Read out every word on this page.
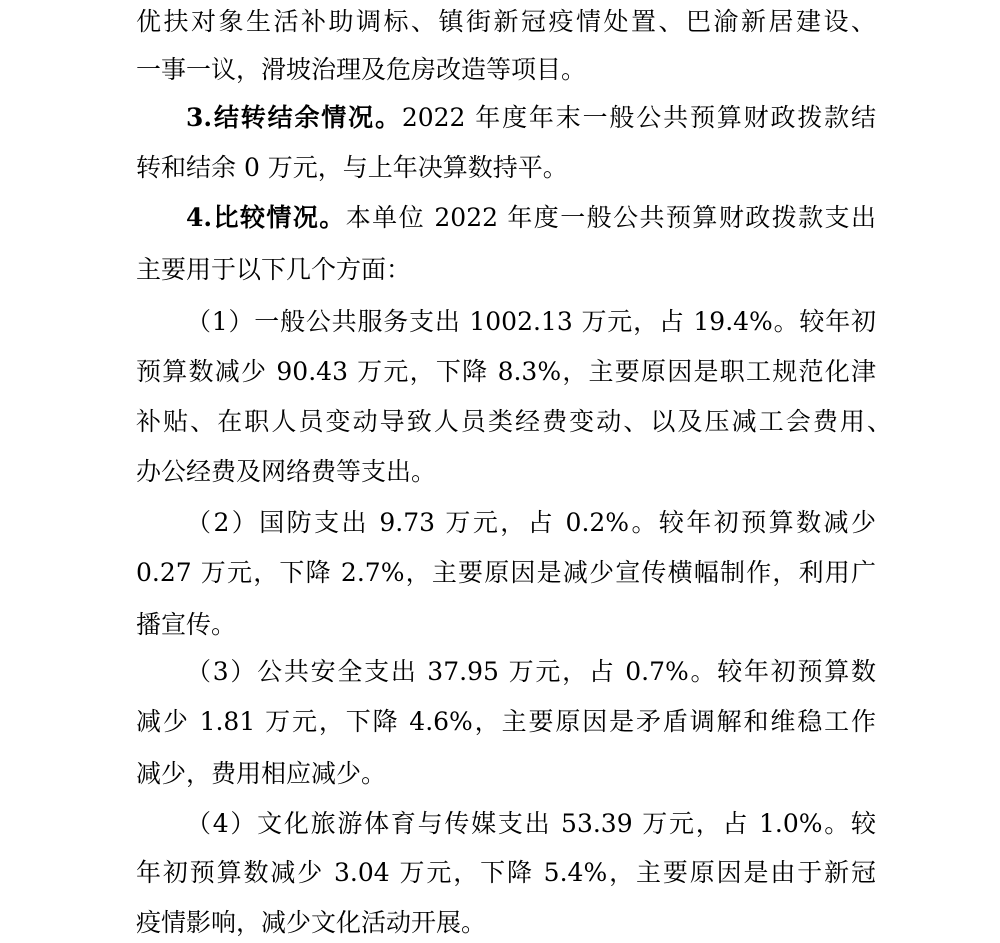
优扶对象生活补助调标、镇街新冠疫情处置、巴渝新居建设、
一事一议，滑坡治理及危房改造等项目。
3.结转结余情况。2022 年度年末一般公共预算财政拨款结
转和结余 0 万元，与上年决算数持平。
4.比较情况。本单位 2022 年度一般公共预算财政拨款支出
主要用于以下几个方面：
（1）一般公共服务支出 1002.13 万元，占 19.4%。较年初
预算数减少 90.43 万元，下降 8.3%，主要原因是职工规范化津
补贴、在职人员变动导致人员类经费变动、以及压减工会费用、
办公经费及网络费等支出。
（2）国防支出 9.73 万元，占 0.2%。较年初预算数减少
0.27 万元，下降 2.7%，主要原因是减少宣传横幅制作，利用广
播宣传。
（3）公共安全支出 37.95 万元，占 0.7%。较年初预算数
减少 1.81 万元，下降 4.6%，主要原因是矛盾调解和维稳工作
减少，费用相应减少。
（4）文化旅游体育与传媒支出 53.39 万元，占 1.0%。较
年初预算数减少 3.04 万元，下降 5.4%，主要原因是由于新冠
疫情影响，减少文化活动开展。
